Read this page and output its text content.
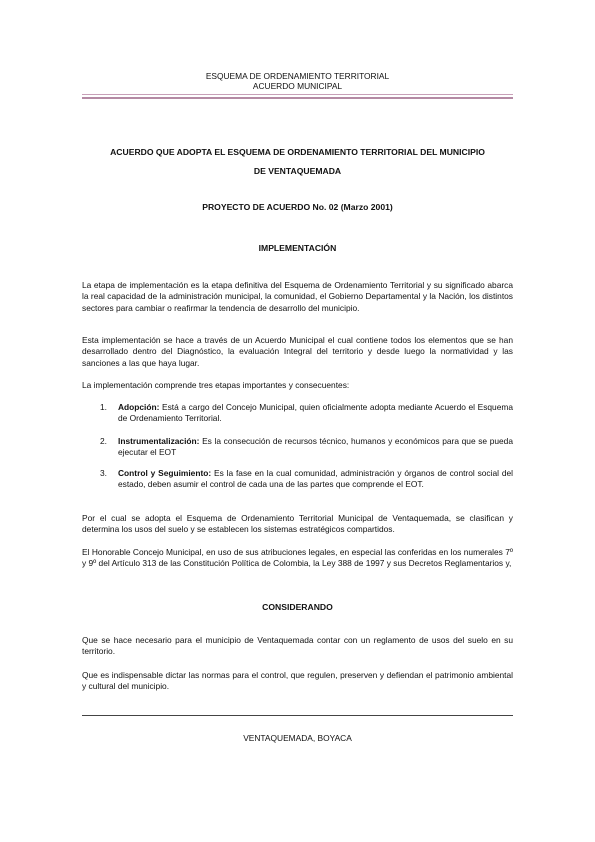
ESQUEMA DE ORDENAMIENTO TERRITORIAL
ACUERDO MUNICIPAL
ACUERDO QUE ADOPTA EL ESQUEMA DE ORDENAMIENTO TERRITORIAL DEL MUNICIPIO
DE VENTAQUEMADA
PROYECTO DE ACUERDO No. 02 (Marzo 2001)
IMPLEMENTACIÓN

La etapa de implementación es la etapa definitiva del Esquema de Ordenamiento Territorial y su significado abarca la real capacidad de la administración municipal, la comunidad, el Gobierno Departamental y la Nación, los distintos sectores para cambiar o reafirmar la tendencia de desarrollo del municipio.

Esta implementación se hace a través de un Acuerdo Municipal el cual contiene todos los elementos que se han desarrollado dentro del Diagnóstico, la evaluación Integral del territorio y desde luego la normatividad y las sanciones a las que haya lugar.

La implementación comprende tres etapas importantes y consecuentes:

1. Adopción: Está a cargo del Concejo Municipal, quien oficialmente adopta mediante Acuerdo el Esquema de Ordenamiento Territorial.
2. Instrumentalización: Es la consecución de recursos técnico, humanos y económicos para que se pueda ejecutar el EOT
3. Control y Seguimiento: Es la fase en la cual comunidad, administración y órganos de control social del estado, deben asumir el control de cada una de las partes que comprende el EOT.

Por el cual se adopta el Esquema de Ordenamiento Territorial Municipal de Ventaquemada, se clasifican y determina los usos del suelo y se establecen los sistemas estratégicos compartidos.

El Honorable Concejo Municipal, en uso de sus atribuciones legales, en especial las conferidas en los numerales 7º y 9º del Artículo 313 de las Constitución Política de Colombia, la Ley 388 de 1997 y sus Decretos Reglamentarios y,

CONSIDERANDO

Que se hace necesario para el municipio de Ventaquemada contar con un reglamento de usos del suelo en su territorio.

Que es indispensable dictar las normas para el control, que regulen, preserven y defiendan el patrimonio ambiental y cultural del municipio.

VENTAQUEMADA, BOYACA
